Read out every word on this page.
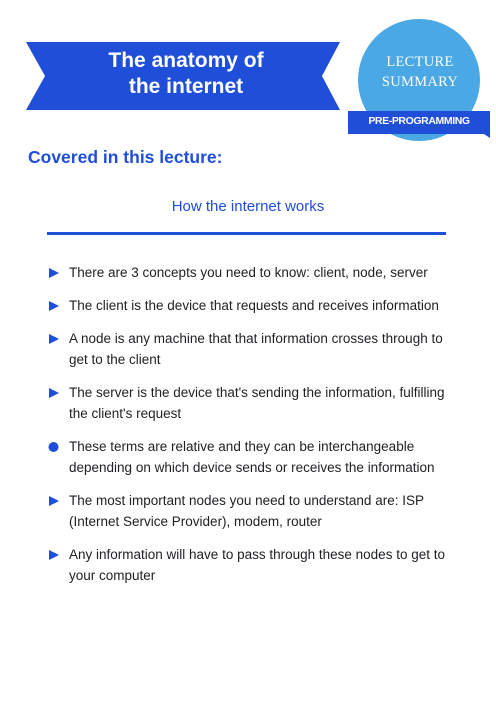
The anatomy of
the internet
LECTURE
SUMMARY
PRE-PROGRAMMING
Covered in this lecture:
How the internet works
There are 3 concepts you need to know: client, node, server
The client is the device that requests and receives information
A node is any machine that that information crosses through to get to the client
The server is the device that's sending the information, fulfilling the client's request
These terms are relative and they can be interchangeable depending on which device sends or receives the information
The most important nodes you need to understand are: ISP (Internet Service Provider), modem, router
Any information will have to pass through these nodes to get to your computer
